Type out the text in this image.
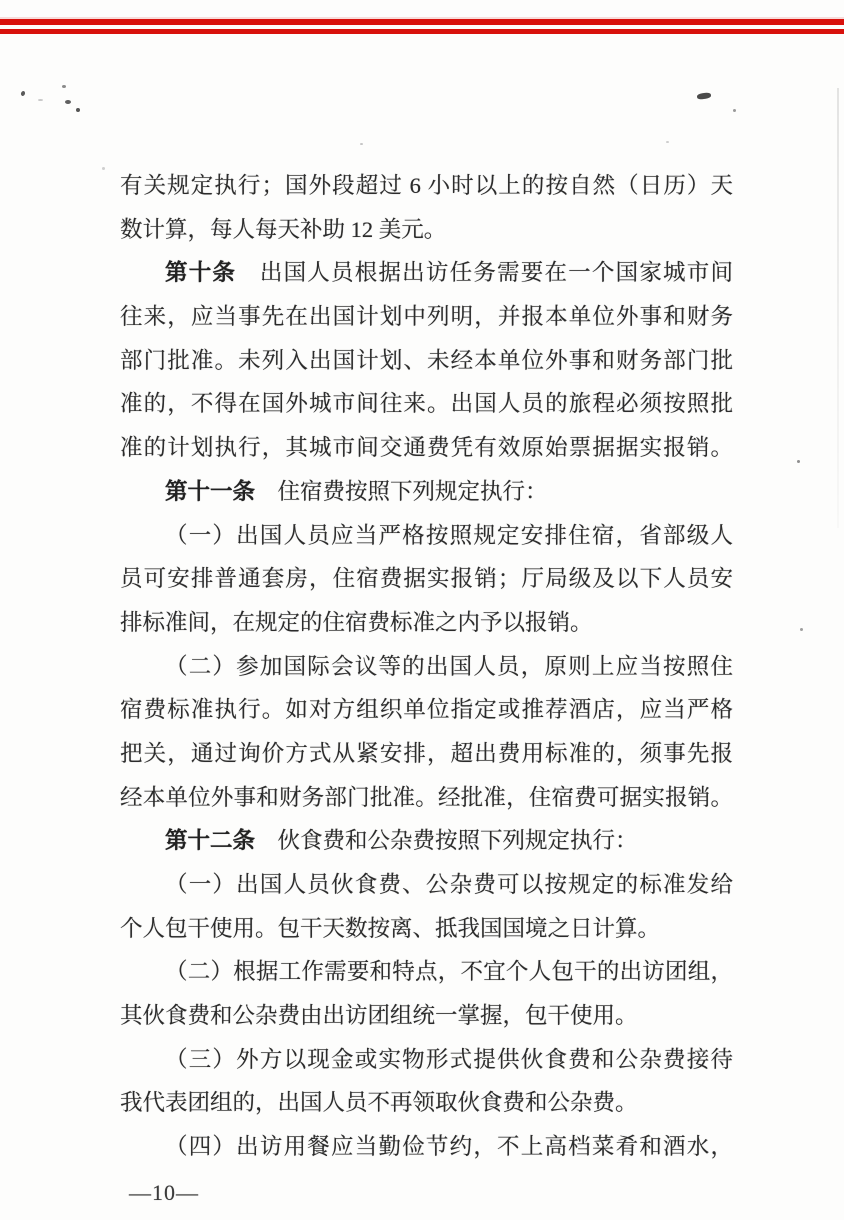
有关规定执行；国外段超过 6 小时以上的按自然（日历）天
数计算，每人每天补助 12 美元。
第十条　出国人员根据出访任务需要在一个国家城市间
往来，应当事先在出国计划中列明，并报本单位外事和财务
部门批准。未列入出国计划、未经本单位外事和财务部门批
准的，不得在国外城市间往来。出国人员的旅程必须按照批
准的计划执行，其城市间交通费凭有效原始票据据实报销。
第十一条　住宿费按照下列规定执行：
（一）出国人员应当严格按照规定安排住宿，省部级人
员可安排普通套房，住宿费据实报销；厅局级及以下人员安
排标准间，在规定的住宿费标准之内予以报销。
（二）参加国际会议等的出国人员，原则上应当按照住
宿费标准执行。如对方组织单位指定或推荐酒店，应当严格
把关，通过询价方式从紧安排，超出费用标准的，须事先报
经本单位外事和财务部门批准。经批准，住宿费可据实报销。
第十二条　伙食费和公杂费按照下列规定执行：
（一）出国人员伙食费、公杂费可以按规定的标准发给
个人包干使用。包干天数按离、抵我国国境之日计算。
（二）根据工作需要和特点，不宜个人包干的出访团组，
其伙食费和公杂费由出访团组统一掌握，包干使用。
（三）外方以现金或实物形式提供伙食费和公杂费接待
我代表团组的，出国人员不再领取伙食费和公杂费。
（四）出访用餐应当勤俭节约，不上高档菜肴和酒水，
—10—
